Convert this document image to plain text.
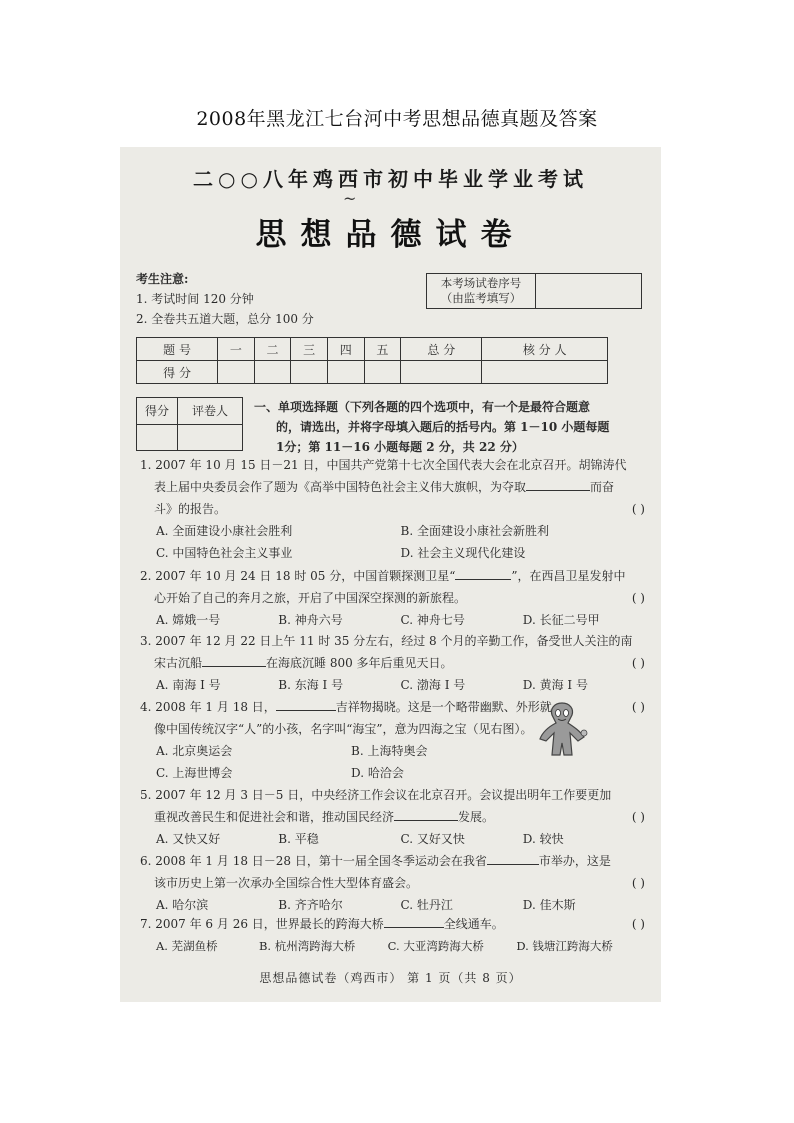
2008年黑龙江七台河中考思想品德真题及答案
二○○八年鸡西市初中毕业学业考试
~
思想品德试卷
考生注意:
1. 考试时间 120 分钟
2. 全卷共五道大题，总分 100 分
本考场试卷序号
（由监考填写）
题 号	一	二	三	四	五	总 分	核 分 人
得 分							
得分	评卷人	一、单项选择题（下列各题的四个选项中，有一个是最符合题意
的，请选出，并将字母填入题后的括号内。第 1－10 小题每题
1分；第 11－16 小题每题 2 分，共 22 分）
1. 2007 年 10 月 15 日－21 日，中国共产党第十七次全国代表大会在北京召开。胡锦涛代
表上届中央委员会作了题为《高举中国特色社会主义伟大旗帜，为夺取	而奋
斗》的报告。	( )
A. 全面建设小康社会胜利	B. 全面建设小康社会新胜利
C. 中国特色社会主义事业	D. 社会主义现代化建设
2. 2007 年 10 月 24 日 18 时 05 分，中国首颗探测卫星“	”，在西昌卫星发射中
心开始了自己的奔月之旅，开启了中国深空探测的新旅程。	( )
A. 嫦娥一号	B. 神舟六号	C. 神舟七号	D. 长征二号甲
3. 2007 年 12 月 22 日上午 11 时 35 分左右，经过 8 个月的辛勤工作，备受世人关注的南
宋古沉船	在海底沉睡 800 多年后重见天日。	( )
A. 南海 I 号	B. 东海 I 号	C. 渤海 I 号	D. 黄海 I 号
4. 2008 年 1 月 18 日，	吉祥物揭晓。这是一个略带幽默、外形就	( )
像中国传统汉字“人”的小孩，名字叫“海宝”，意为四海之宝（见右图）。
A. 北京奥运会	B. 上海特奥会
C. 上海世博会	D. 哈洽会
5. 2007 年 12 月 3 日－5 日，中央经济工作会议在北京召开。会议提出明年工作要更加
重视改善民生和促进社会和谐，推动国民经济	发展。	( )
A. 又快又好	B. 平稳	C. 又好又快	D. 较快
6. 2008 年 1 月 18 日－28 日，第十一届全国冬季运动会在我省	市举办，这是
该市历史上第一次承办全国综合性大型体育盛会。	( )
A. 哈尔滨	B. 齐齐哈尔	C. 牡丹江	D. 佳木斯
7. 2007 年 6 月 26 日，世界最长的跨海大桥	全线通车。	( )
A. 芜湖鱼桥	B. 杭州湾跨海大桥	C. 大亚湾跨海大桥	D. 钱塘江跨海大桥
思想品德试卷（鸡西市） 第 1 页（共 8 页）
